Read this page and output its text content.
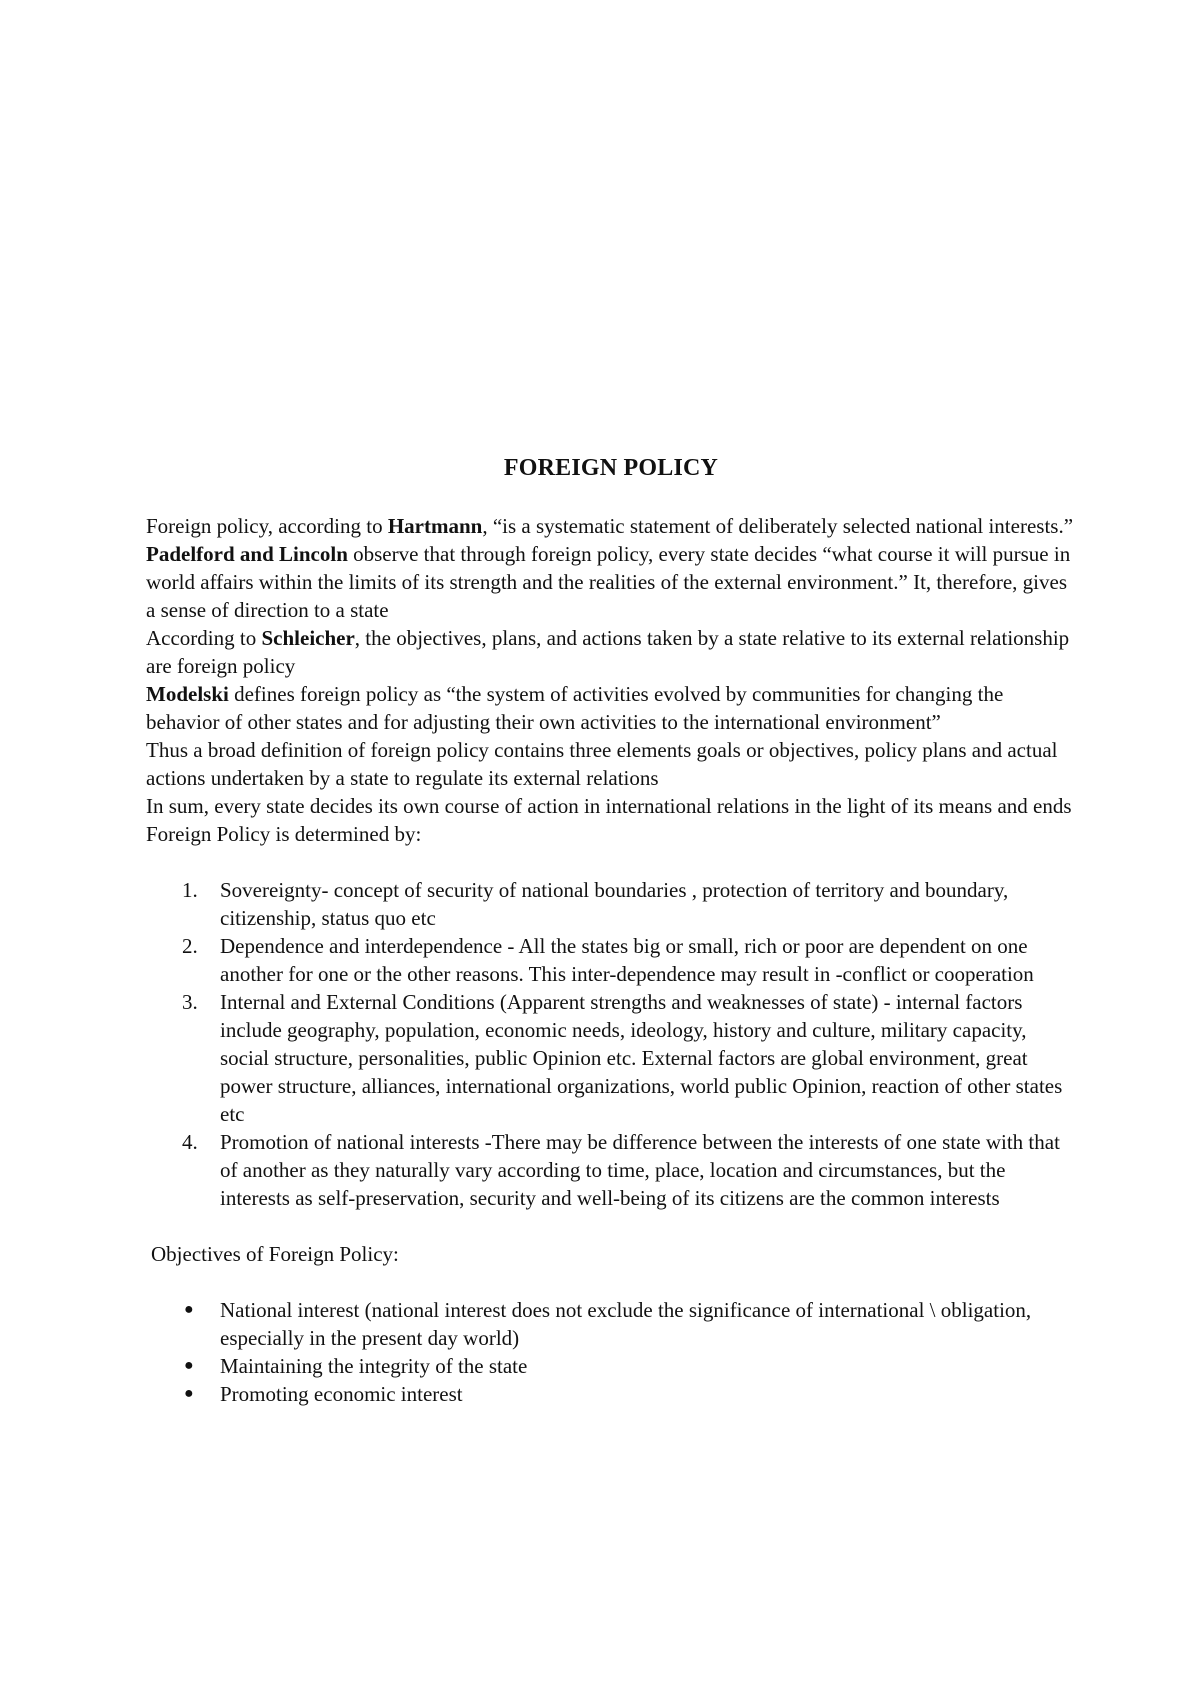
FOREIGN POLICY

Foreign policy, according to Hartmann, “is a systematic statement of deliberately selected national interests.”

Padelford and Lincoln observe that through foreign policy, every state decides “what course it will pursue in world affairs within the limits of its strength and the realities of the external environment.” It, therefore, gives a sense of direction to a state

According to Schleicher, the objectives, plans, and actions taken by a state relative to its external relationship are foreign policy

Modelski defines foreign policy as “the system of activities evolved by communities for changing the behavior of other states and for adjusting their own activities to the international environment”

Thus a broad definition of foreign policy contains three elements goals or objectives, policy plans and actual actions undertaken by a state to regulate its external relations

In sum, every state decides its own course of action in international relations in the light of its means and ends

Foreign Policy is determined by:

1. Sovereignty- concept of security of national boundaries , protection of territory and boundary, citizenship, status quo etc
2. Dependence and interdependence - All the states big or small, rich or poor are dependent on one another for one or the other reasons. This inter-dependence may result in -conflict or cooperation
3. Internal and External Conditions (Apparent strengths and weaknesses of state) - internal factors include geography, population, economic needs, ideology, history and culture, military capacity, social structure, personalities, public Opinion etc. External factors are global environment, great power structure, alliances, international organizations, world public Opinion, reaction of other states etc
4. Promotion of national interests -There may be difference between the interests of one state with that of another as they naturally vary according to time, place, location and circumstances, but the interests as self-preservation, security and well-being of its citizens are the common interests

Objectives of Foreign Policy:

● National interest (national interest does not exclude the significance of international \ obligation, especially in the present day world)
● Maintaining the integrity of the state
● Promoting economic interest
